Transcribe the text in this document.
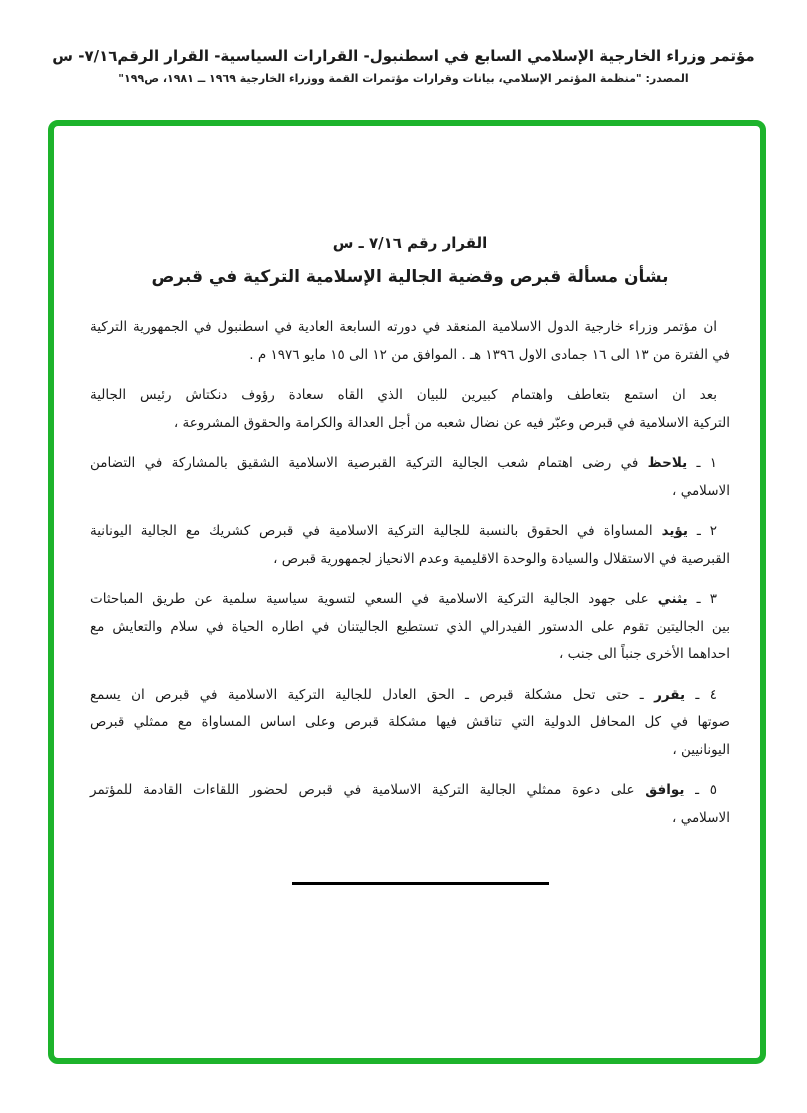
مؤتمر وزراء الخارجية الإسلامي السابع في اسطنبول- القرارات السياسية- القرار الرقم٧/١٦- س
المصدر: "منظمة المؤتمر الإسلامي، بيانات وقرارات مؤتمرات القمة ووزراء الخارجية ١٩٦٩ ــ ١٩٨١، ص١٩٩"
القرار رقم ٧/١٦ ـ س
بشأن مسألة قبرص وقضية الجالية الإسلامية التركية في قبرص
ان مؤتمر وزراء خارجية الدول الاسلامية المنعقد في دورته السابعة العادية في اسطنبول في الجمهورية التركية
في الفترة من ١٣ الى ١٦ جمادى الاول ١٣٩٦ هـ . الموافق من ١٢ الى ١٥ مايو ١٩٧٦ م .
بعد ان استمع بتعاطف واهتمام كبيرين للبيان الذي القاه سعادة رؤوف دنكتاش رئيس الجالية
التركية الاسلامية في قبرص وعبّر فيه عن نضال شعبه من أجل العدالة والكرامة والحقوق المشروعة ،
١ ـ يلاحظ في رضى اهتمام شعب الجالية التركية القبرصية الاسلامية الشقيق بالمشاركة في التضامن
الاسلامي ،
٢ ـ يؤيد المساواة في الحقوق بالنسبة للجالية التركية الاسلامية في قبرص كشريك مع الجالية اليونانية
القبرصية في الاستقلال والسيادة والوحدة الاقليمية وعدم الانحياز لجمهورية قبرص ،
٣ ـ يثني على جهود الجالية التركية الاسلامية في السعي لتسوية سياسية سلمية عن طريق المباحثات
بين الجاليتين تقوم على الدستور الفيدرالي الذي تستطيع الجاليتنان في اطاره الحياة في سلام والتعايش مع
احداهما الأخرى جنباً الى جنب ،
٤ ـ يقرر ـ حتى تحل مشكلة قبرص ـ الحق العادل للجالية التركية الاسلامية في قبرص ان يسمع
صوتها في كل المحافل الدولية التي تناقش فيها مشكلة قبرص وعلى اساس المساواة مع ممثلي قبرص
اليونانيين ،
٥ ـ يوافق على دعوة ممثلي الجالية التركية الاسلامية في قبرص لحضور اللقاءات القادمة للمؤتمر
الاسلامي ،
